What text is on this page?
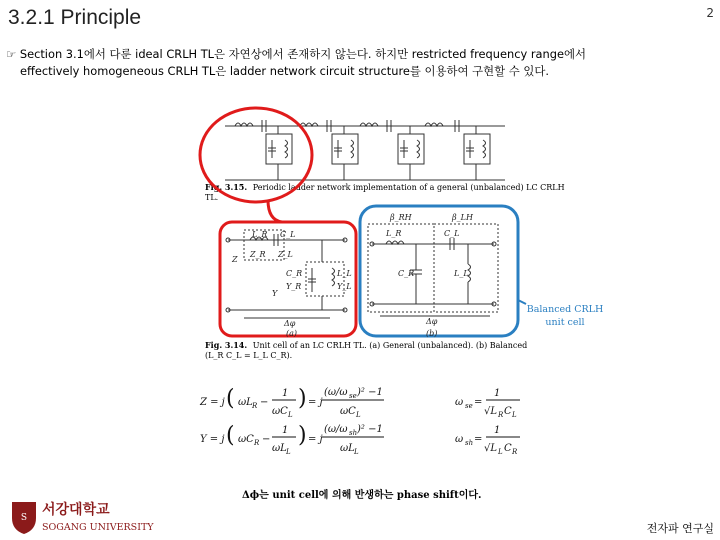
3.2.1 Principle	2
☞ Section 3.1에서 다룬 ideal CRLH TL은 자연상에서 존재하지 않는다. 하지만 restricted frequency range에서
effectively homogeneous CRLH TL은 ladder network circuit structure를 이용하여 구현할 수 있다.
Fig. 3.15. Periodic ladder network implementation of a general (unbalanced) LC CRLH
TL.
L_R C_L
Z_R Z_L
Z
C_R
Y_R
L_L
Y_L
Y
Δφ
(a)
β_RH	β_LH
L_R	C_L
C_R	L_L
Δφ
(b)
Fig. 3.14. Unit cell of an LC CRLH TL. (a) General (unbalanced). (b) Balanced
(L_R C_L = L_L C_R).
Z = j ( ωL R −
1
ωC L
) = j
(ω/ω se )² −1
ωC L
Y = j ( ωC R −
1
ωL L
) = j
(ω/ω sh )² −1
ωL L
ω se =
1
√L R C L
ω sh =
1
√L L C R
Δϕ는 unit cell에 의해 반생하는 phase shift이다.
Balanced CRLH
unit cell
S 서강대학교
SOGANG UNIVERSITY	전자파 연구실
